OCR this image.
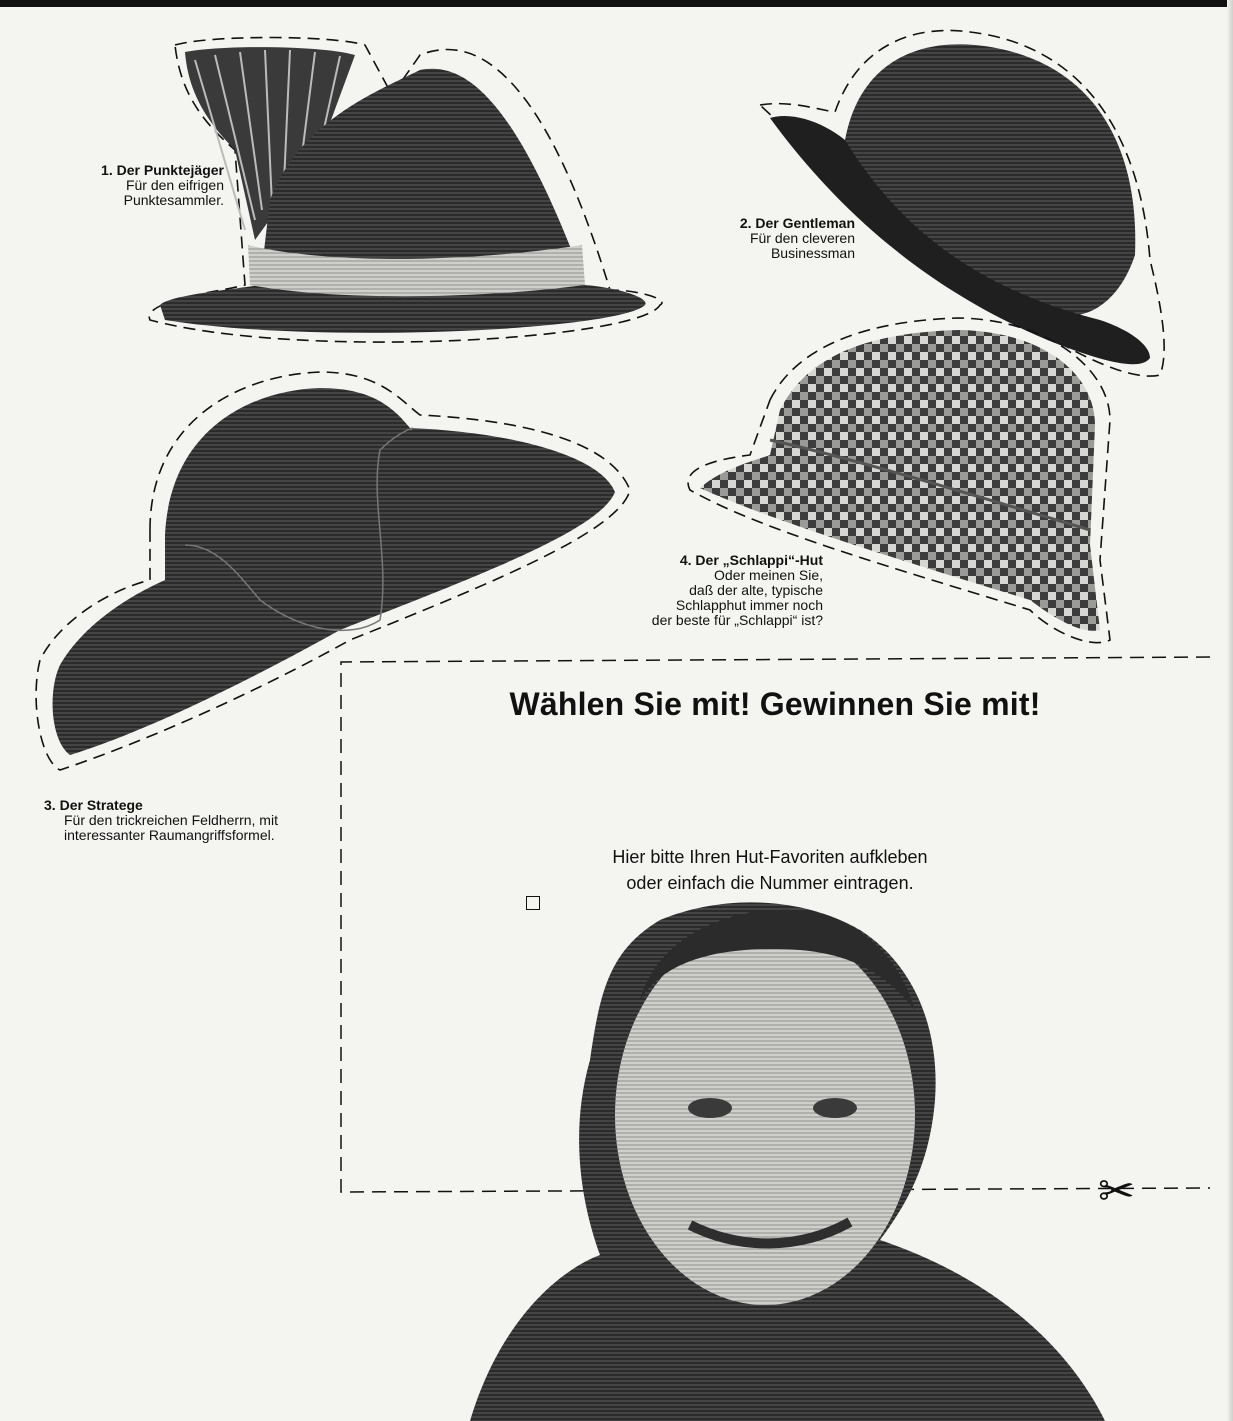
1. Der Punktejäger
Für den eifrigen
Punktesammler.
2. Der Gentleman
Für den cleveren
Businessman
3. Der Stratege
Für den trickreichen Feldherrn, mit
interessanter Raumangriffsformel.
4. Der „Schlappi“-Hut
Oder meinen Sie,
daß der alte, typische
Schlapphut immer noch
der beste für „Schlappi“ ist?
Wählen Sie mit! Gewinnen Sie mit!
Hier bitte Ihren Hut-Favoriten aufkleben
oder einfach die Nummer eintragen.
✂
